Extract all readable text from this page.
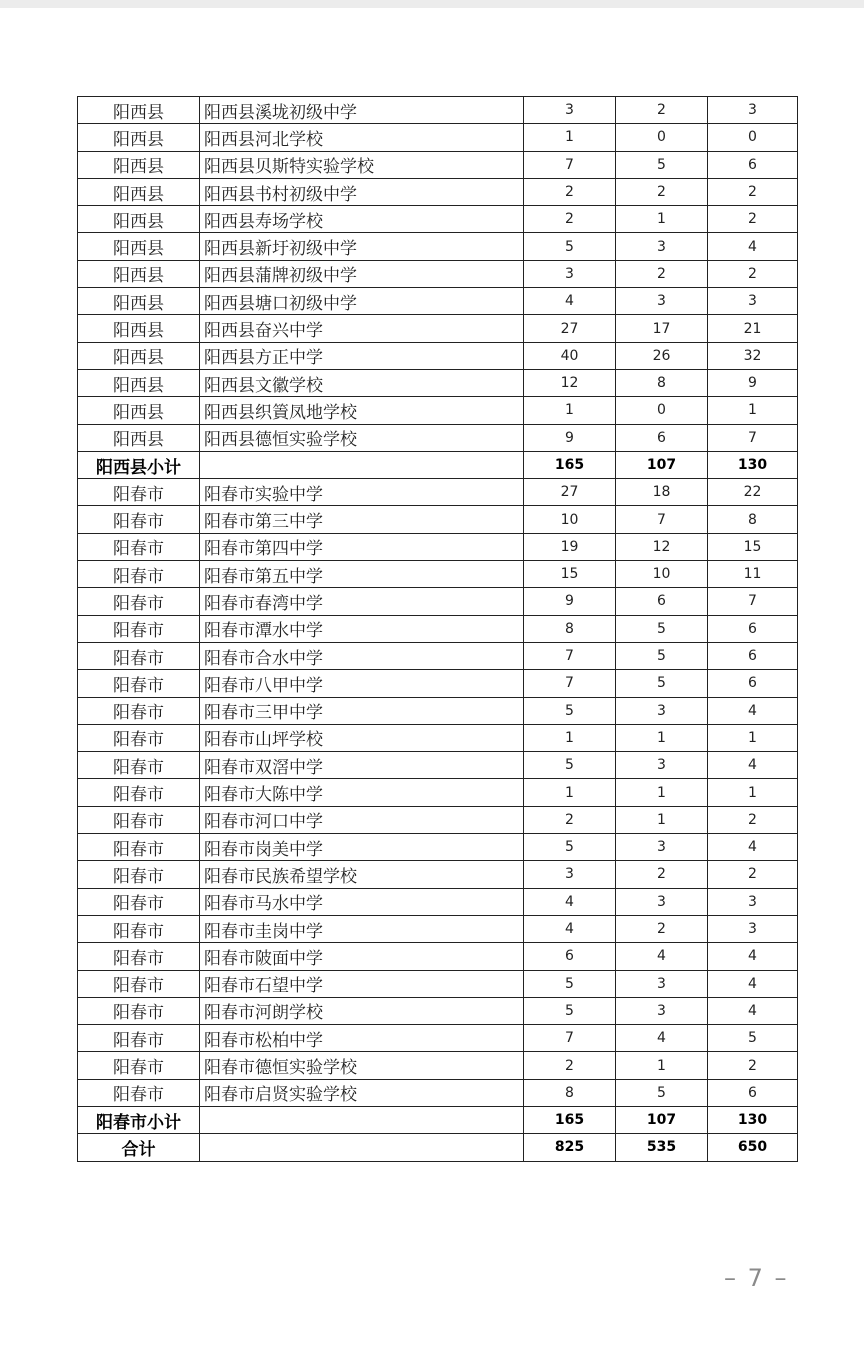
阳西县	阳西县溪垅初级中学	3	2	3
阳西县	阳西县河北学校	1	0	0
阳西县	阳西县贝斯特实验学校	7	5	6
阳西县	阳西县书村初级中学	2	2	2
阳西县	阳西县寿场学校	2	1	2
阳西县	阳西县新圩初级中学	5	3	4
阳西县	阳西县蒲牌初级中学	3	2	2
阳西县	阳西县塘口初级中学	4	3	3
阳西县	阳西县奋兴中学	27	17	21
阳西县	阳西县方正中学	40	26	32
阳西县	阳西县文徽学校	12	8	9
阳西县	阳西县织篢凤地学校	1	0	1
阳西县	阳西县德恒实验学校	9	6	7
阳西县小计		165	107	130
阳春市	阳春市实验中学	27	18	22
阳春市	阳春市第三中学	10	7	8
阳春市	阳春市第四中学	19	12	15
阳春市	阳春市第五中学	15	10	11
阳春市	阳春市春湾中学	9	6	7
阳春市	阳春市潭水中学	8	5	6
阳春市	阳春市合水中学	7	5	6
阳春市	阳春市八甲中学	7	5	6
阳春市	阳春市三甲中学	5	3	4
阳春市	阳春市山坪学校	1	1	1
阳春市	阳春市双滘中学	5	3	4
阳春市	阳春市大陈中学	1	1	1
阳春市	阳春市河口中学	2	1	2
阳春市	阳春市岗美中学	5	3	4
阳春市	阳春市民族希望学校	3	2	2
阳春市	阳春市马水中学	4	3	3
阳春市	阳春市圭岗中学	4	2	3
阳春市	阳春市陂面中学	6	4	4
阳春市	阳春市石望中学	5	3	4
阳春市	阳春市河朗学校	5	3	4
阳春市	阳春市松柏中学	7	4	5
阳春市	阳春市德恒实验学校	2	1	2
阳春市	阳春市启贤实验学校	8	5	6
阳春市小计		165	107	130
合计		825	535	650
– 7 –
